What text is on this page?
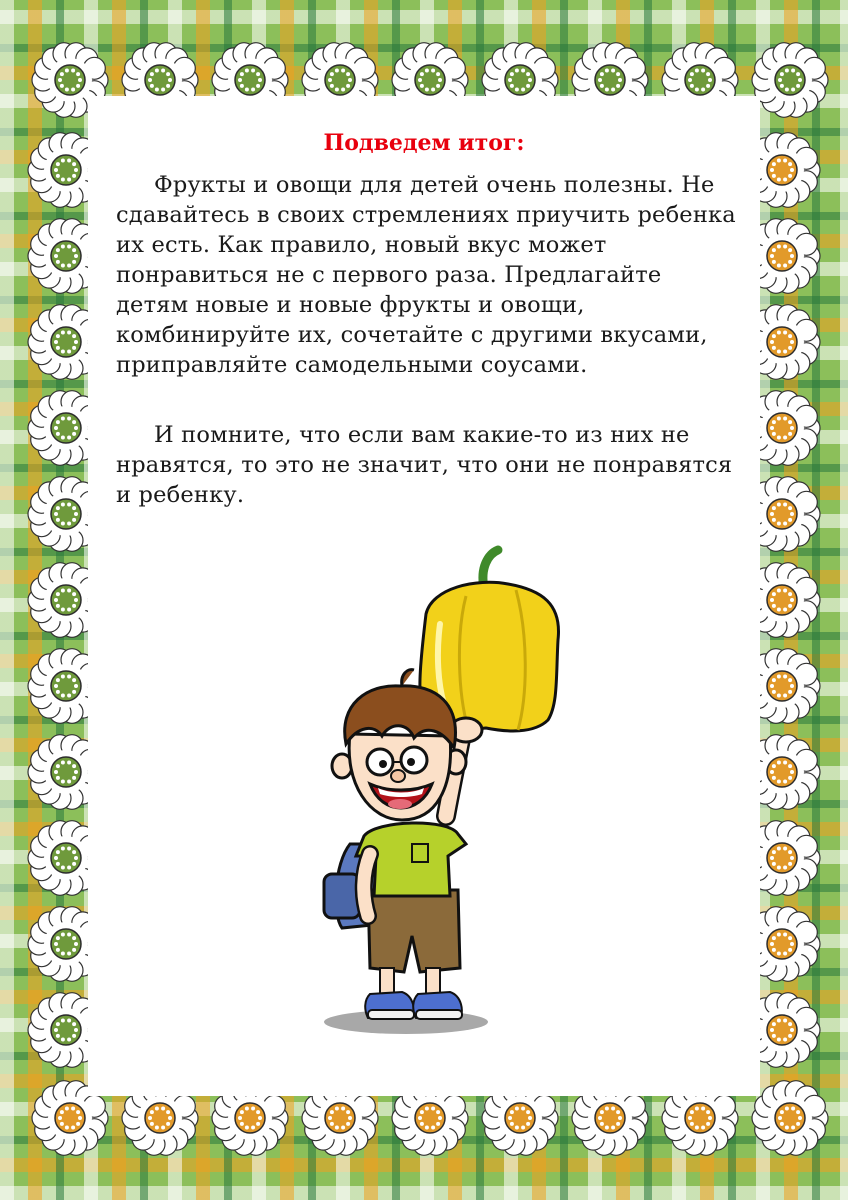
Подведем итог:

Фрукты и овощи для детей очень полезны. Не сдавайтесь в своих стремлениях приучить ребенка их есть. Как правило, новый вкус может понравиться не с первого раза. Предлагайте детям новые и новые фрукты и овощи, комбинируйте их, сочетайте с другими вкусами, приправляйте самодельными соусами.

И помните, что если вам какие-то из них не нравятся, то это не значит, что они не понравятся и ребенку.
